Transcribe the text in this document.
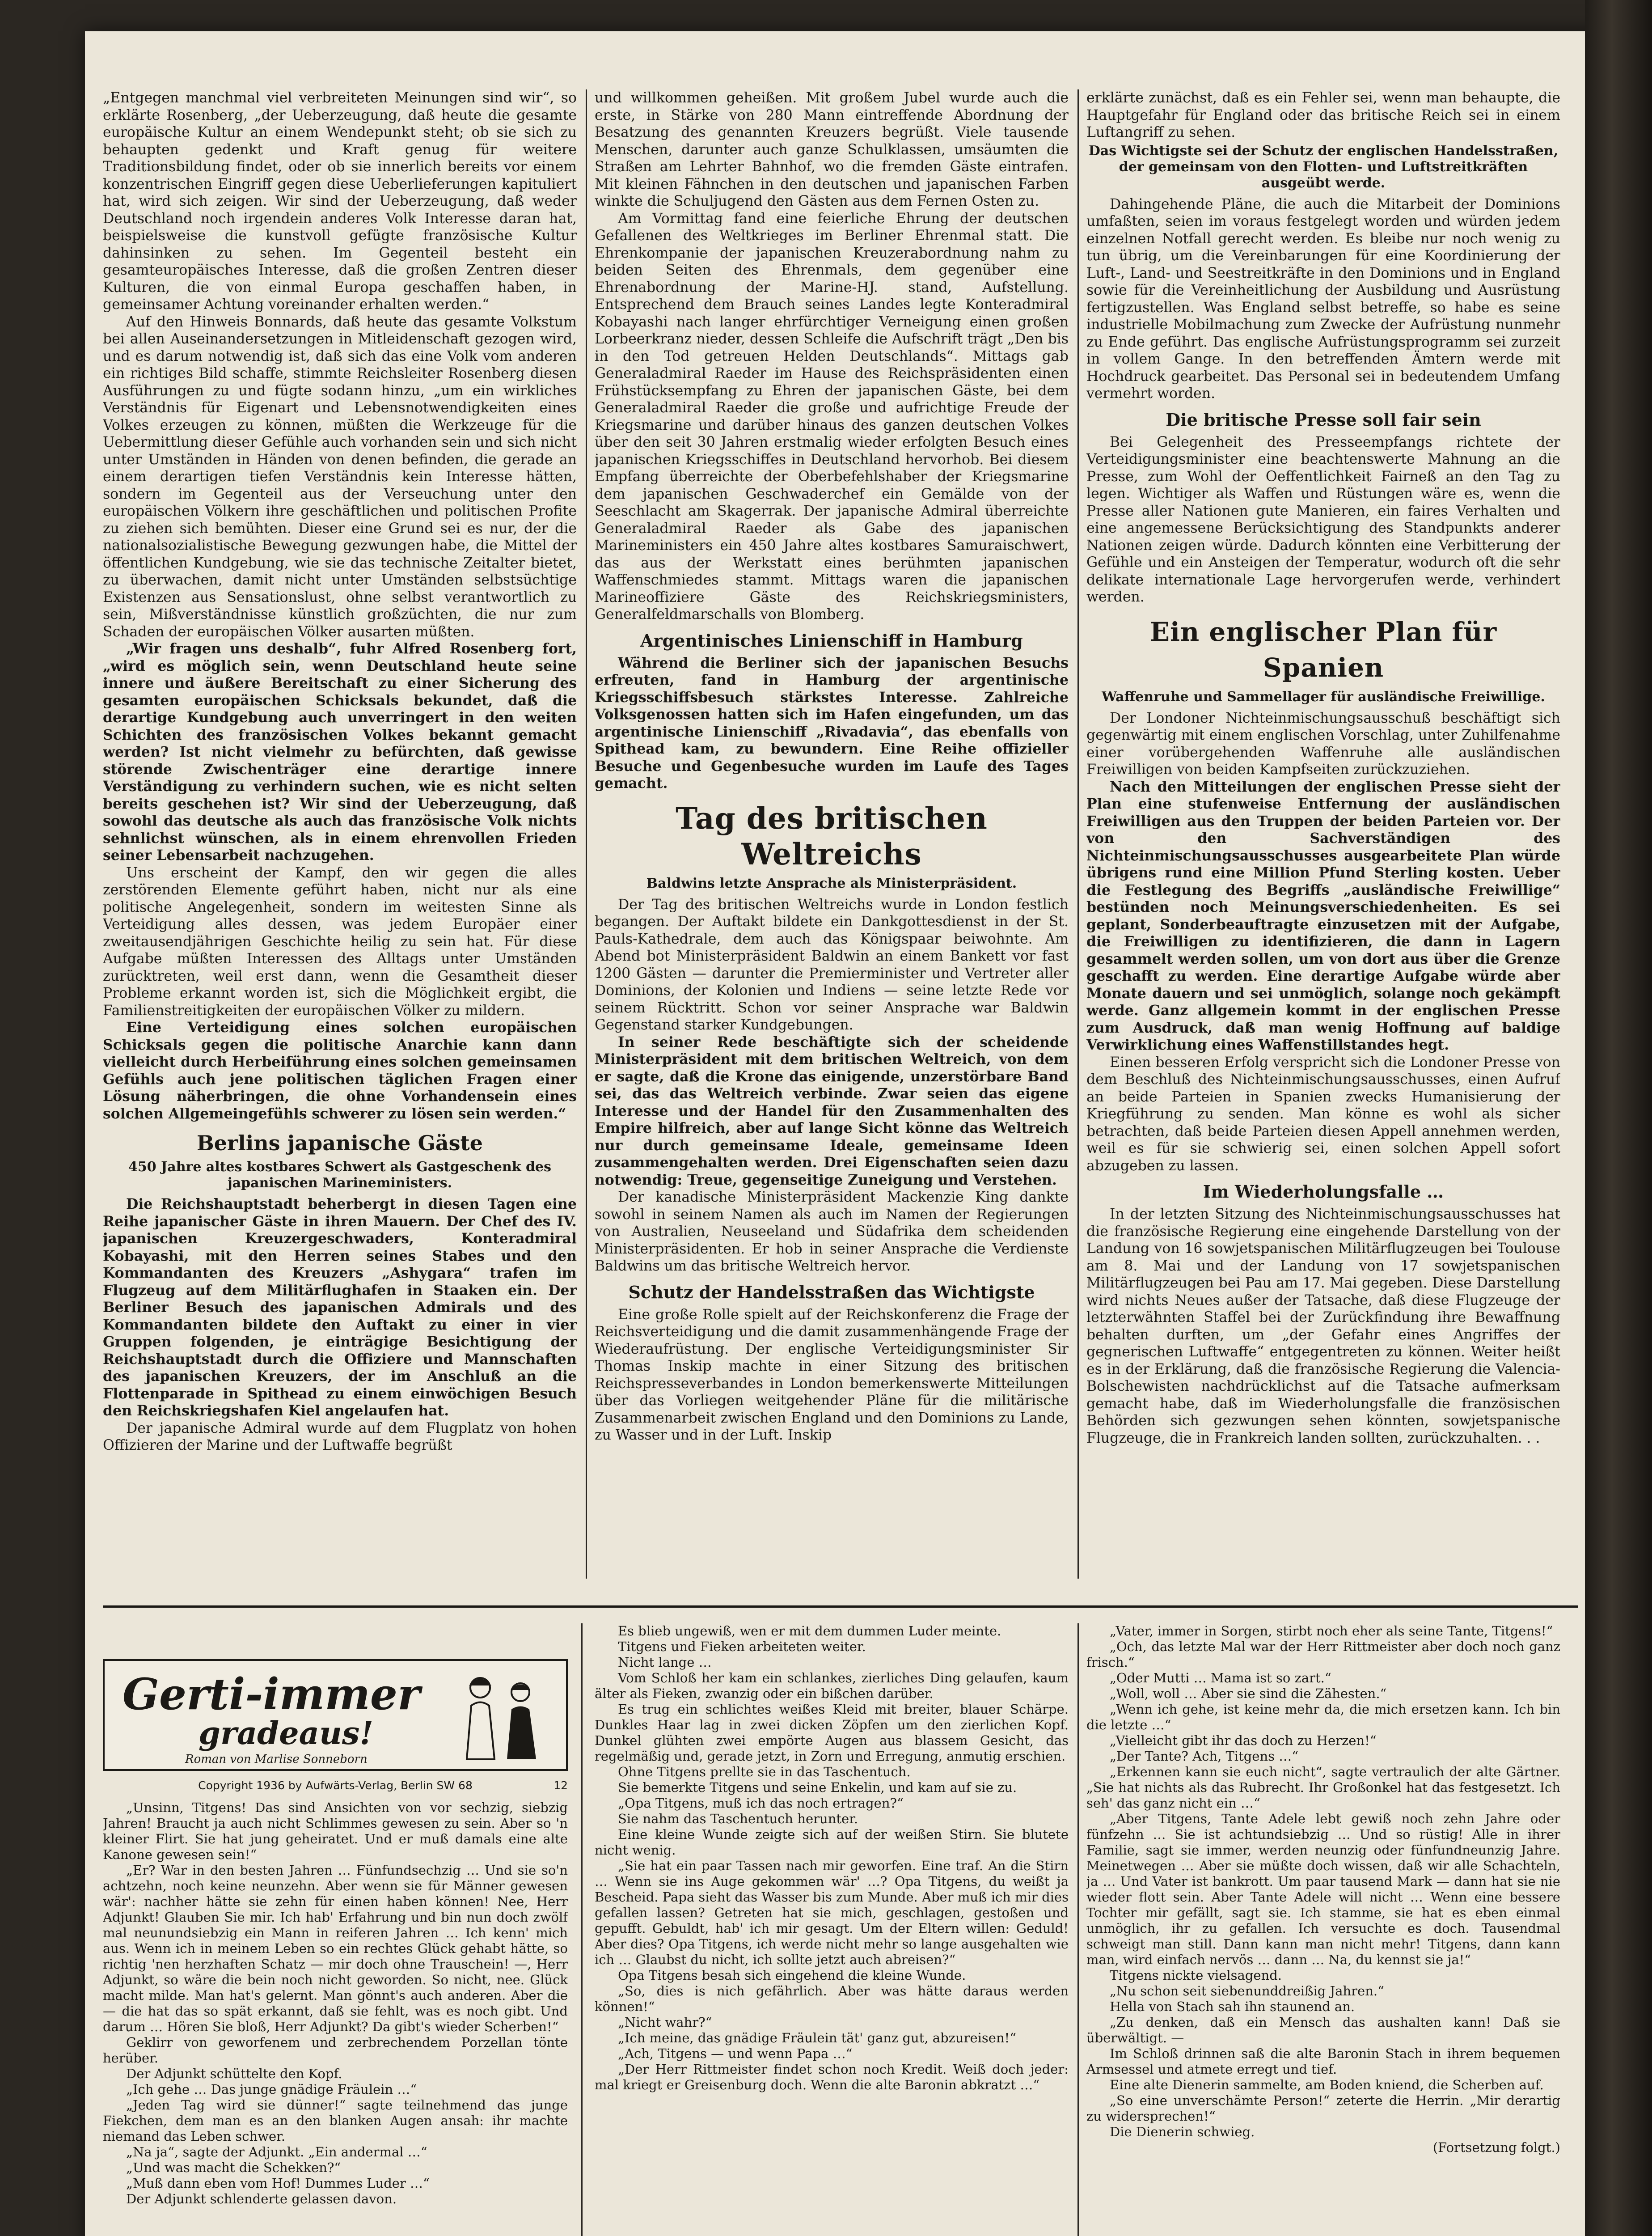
„Entgegen manchmal viel verbreiteten Meinungen sind wir“, so erklärte Rosenberg, „der Ueberzeugung, daß heute die gesamte europäische Kultur an einem Wendepunkt steht; ob sie sich zu behaupten gedenkt und Kraft genug für weitere Traditionsbildung findet, oder ob sie innerlich bereits vor einem konzentrischen Eingriff gegen diese Ueberlieferungen kapituliert hat, wird sich zeigen. Wir sind der Ueberzeugung, daß weder Deutschland noch irgendein anderes Volk Interesse daran hat, beispielsweise die kunstvoll gefügte französische Kultur dahinsinken zu sehen. Im Gegenteil besteht ein gesamteuropäisches Interesse, daß die großen Zentren dieser Kulturen, die von einmal Europa geschaffen haben, in gemeinsamer Achtung voreinander erhalten werden.“

Auf den Hinweis Bonnards, daß heute das gesamte Volkstum bei allen Auseinandersetzungen in Mitleidenschaft gezogen wird, und es darum notwendig ist, daß sich das eine Volk vom anderen ein richtiges Bild schaffe, stimmte Reichsleiter Rosenberg diesen Ausführungen zu und fügte sodann hinzu, „um ein wirkliches Verständnis für Eigenart und Lebensnotwendigkeiten eines Volkes erzeugen zu können, müßten die Werkzeuge für die Uebermittlung dieser Gefühle auch vorhanden sein und sich nicht unter Umständen in Händen von denen befinden, die gerade an einem derartigen tiefen Verständnis kein Interesse hätten, sondern im Gegenteil aus der Verseuchung unter den europäischen Völkern ihre geschäftlichen und politischen Profite zu ziehen sich bemühten. Dieser eine Grund sei es nur, der die nationalsozialistische Bewegung gezwungen habe, die Mittel der öffentlichen Kundgebung, wie sie das technische Zeitalter bietet, zu überwachen, damit nicht unter Umständen selbstsüchtige Existenzen aus Sensationslust, ohne selbst verantwortlich zu sein, Mißverständnisse künstlich großzüchten, die nur zum Schaden der europäischen Völker ausarten müßten.

„Wir fragen uns deshalb“, fuhr Alfred Rosenberg fort, „wird es möglich sein, wenn Deutschland heute seine innere und äußere Bereitschaft zu einer Sicherung des gesamten europäischen Schicksals bekundet, daß die derartige Kundgebung auch unverringert in den weiten Schichten des französischen Volkes bekannt gemacht werden? Ist nicht vielmehr zu befürchten, daß gewisse störende Zwischenträger eine derartige innere Verständigung zu verhindern suchen, wie es nicht selten bereits geschehen ist? Wir sind der Ueberzeugung, daß sowohl das deutsche als auch das französische Volk nichts sehnlichst wünschen, als in einem ehrenvollen Frieden seiner Lebensarbeit nachzugehen.

Uns erscheint der Kampf, den wir gegen die alles zerstörenden Elemente geführt haben, nicht nur als eine politische Angelegenheit, sondern im weitesten Sinne als Verteidigung alles dessen, was jedem Europäer einer zweitausendjährigen Geschichte heilig zu sein hat. Für diese Aufgabe müßten Interessen des Alltags unter Umständen zurücktreten, weil erst dann, wenn die Gesamtheit dieser Probleme erkannt worden ist, sich die Möglichkeit ergibt, die Familienstreitigkeiten der europäischen Völker zu mildern.

Eine Verteidigung eines solchen europäischen Schicksals gegen die politische Anarchie kann dann vielleicht durch Herbeiführung eines solchen gemeinsamen Gefühls auch jene politischen täglichen Fragen einer Lösung näherbringen, die ohne Vorhandensein eines solchen Allgemeingefühls schwerer zu lösen sein werden.“

Berlins japanische Gäste

450 Jahre altes kostbares Schwert als Gastgeschenk des japanischen Marineministers.

Die Reichshauptstadt beherbergt in diesen Tagen eine Reihe japanischer Gäste in ihren Mauern. Der Chef des IV. japanischen Kreuzergeschwaders, Konteradmiral Kobayashi, mit den Herren seines Stabes und den Kommandanten des Kreuzers „Ashygara“ trafen im Flugzeug auf dem Militärflughafen in Staaken ein. Der Berliner Besuch des japanischen Admirals und des Kommandanten bildete den Auftakt zu einer in vier Gruppen folgenden, je einträgige Besichtigung der Reichshauptstadt durch die Offiziere und Mannschaften des japanischen Kreuzers, der im Anschluß an die Flottenparade in Spithead zu einem einwöchigen Besuch den Reichskriegshafen Kiel angelaufen hat.

Der japanische Admiral wurde auf dem Flugplatz von hohen Offizieren der Marine und der Luftwaffe begrüßt

und willkommen geheißen. Mit großem Jubel wurde auch die erste, in Stärke von 280 Mann eintreffende Abordnung der Besatzung des genannten Kreuzers begrüßt. Viele tausende Menschen, darunter auch ganze Schulklassen, umsäumten die Straßen am Lehrter Bahnhof, wo die fremden Gäste eintrafen. Mit kleinen Fähnchen in den deutschen und japanischen Farben winkte die Schuljugend den Gästen aus dem Fernen Osten zu.

Am Vormittag fand eine feierliche Ehrung der deutschen Gefallenen des Weltkrieges im Berliner Ehrenmal statt. Die Ehrenkompanie der japanischen Kreuzerabordnung nahm zu beiden Seiten des Ehrenmals, dem gegenüber eine Ehrenabordnung der Marine-HJ. stand, Aufstellung. Entsprechend dem Brauch seines Landes legte Konteradmiral Kobayashi nach langer ehrfürchtiger Verneigung einen großen Lorbeerkranz nieder, dessen Schleife die Aufschrift trägt „Den bis in den Tod getreuen Helden Deutschlands“. Mittags gab Generaladmiral Raeder im Hause des Reichspräsidenten einen Frühstücksempfang zu Ehren der japanischen Gäste, bei dem Generaladmiral Raeder die große und aufrichtige Freude der Kriegsmarine und darüber hinaus des ganzen deutschen Volkes über den seit 30 Jahren erstmalig wieder erfolgten Besuch eines japanischen Kriegsschiffes in Deutschland hervorhob. Bei diesem Empfang überreichte der Oberbefehlshaber der Kriegsmarine dem japanischen Geschwaderchef ein Gemälde von der Seeschlacht am Skagerrak. Der japanische Admiral überreichte Generaladmiral Raeder als Gabe des japanischen Marineministers ein 450 Jahre altes kostbares Samuraischwert, das aus der Werkstatt eines berühmten japanischen Waffenschmiedes stammt. Mittags waren die japanischen Marineoffiziere Gäste des Reichskriegsministers, Generalfeldmarschalls von Blomberg.

Argentinisches Linienschiff in Hamburg

Während die Berliner sich der japanischen Besuchs erfreuten, fand in Hamburg der argentinische Kriegsschiffsbesuch stärkstes Interesse. Zahlreiche Volksgenossen hatten sich im Hafen eingefunden, um das argentinische Linienschiff „Rivadavia“, das ebenfalls von Spithead kam, zu bewundern. Eine Reihe offizieller Besuche und Gegenbesuche wurden im Laufe des Tages gemacht.

Tag des britischen Weltreichs

Baldwins letzte Ansprache als Ministerpräsident.

Der Tag des britischen Weltreichs wurde in London festlich begangen. Der Auftakt bildete ein Dankgottesdienst in der St. Pauls-Kathedrale, dem auch das Königspaar beiwohnte. Am Abend bot Ministerpräsident Baldwin an einem Bankett vor fast 1200 Gästen — darunter die Premierminister und Vertreter aller Dominions, der Kolonien und Indiens — seine letzte Rede vor seinem Rücktritt. Schon vor seiner Ansprache war Baldwin Gegenstand starker Kundgebungen.

In seiner Rede beschäftigte sich der scheidende Ministerpräsident mit dem britischen Weltreich, von dem er sagte, daß die Krone das einigende, unzerstörbare Band sei, das das Weltreich verbinde. Zwar seien das eigene Interesse und der Handel für den Zusammenhalten des Empire hilfreich, aber auf lange Sicht könne das Weltreich nur durch gemeinsame Ideale, gemeinsame Ideen zusammengehalten werden. Drei Eigenschaften seien dazu notwendig: Treue, gegenseitige Zuneigung und Verstehen.

Der kanadische Ministerpräsident Mackenzie King dankte sowohl in seinem Namen als auch im Namen der Regierungen von Australien, Neuseeland und Südafrika dem scheidenden Ministerpräsidenten. Er hob in seiner Ansprache die Verdienste Baldwins um das britische Weltreich hervor.

Schutz der Handelsstraßen das Wichtigste

Eine große Rolle spielt auf der Reichskonferenz die Frage der Reichsverteidigung und die damit zusammenhängende Frage der Wiederaufrüstung. Der englische Verteidigungsminister Sir Thomas Inskip machte in einer Sitzung des britischen Reichspresseverbandes in London bemerkenswerte Mitteilungen über das Vorliegen weitgehender Pläne für die militärische Zusammenarbeit zwischen England und den Dominions zu Lande, zu Wasser und in der Luft. Inskip

erklärte zunächst, daß es ein Fehler sei, wenn man behaupte, die Hauptgefahr für England oder das britische Reich sei in einem Luftangriff zu sehen.

Das Wichtigste sei der Schutz der englischen Handelsstraßen, der gemeinsam von den Flotten- und Luftstreitkräften ausgeübt werde.

Dahingehende Pläne, die auch die Mitarbeit der Dominions umfaßten, seien im voraus festgelegt worden und würden jedem einzelnen Notfall gerecht werden. Es bleibe nur noch wenig zu tun übrig, um die Vereinbarungen für eine Koordinierung der Luft-, Land- und Seestreitkräfte in den Dominions und in England sowie für die Vereinheitlichung der Ausbildung und Ausrüstung fertigzustellen. Was England selbst betreffe, so habe es seine industrielle Mobilmachung zum Zwecke der Aufrüstung nunmehr zu Ende geführt. Das englische Aufrüstungsprogramm sei zurzeit in vollem Gange. In den betreffenden Ämtern werde mit Hochdruck gearbeitet. Das Personal sei in bedeutendem Umfang vermehrt worden.

Die britische Presse soll fair sein

Bei Gelegenheit des Presseempfangs richtete der Verteidigungsminister eine beachtenswerte Mahnung an die Presse, zum Wohl der Oeffentlichkeit Fairneß an den Tag zu legen. Wichtiger als Waffen und Rüstungen wäre es, wenn die Presse aller Nationen gute Manieren, ein faires Verhalten und eine angemessene Berücksichtigung des Standpunkts anderer Nationen zeigen würde. Dadurch könnten eine Verbitterung der Gefühle und ein Ansteigen der Temperatur, wodurch oft die sehr delikate internationale Lage hervorgerufen werde, verhindert werden.

Ein englischer Plan für Spanien

Waffenruhe und Sammellager für ausländische Freiwillige.

Der Londoner Nichteinmischungsausschuß beschäftigt sich gegenwärtig mit einem englischen Vorschlag, unter Zuhilfenahme einer vorübergehenden Waffenruhe alle ausländischen Freiwilligen von beiden Kampfseiten zurückzuziehen.

Nach den Mitteilungen der englischen Presse sieht der Plan eine stufenweise Entfernung der ausländischen Freiwilligen aus den Truppen der beiden Parteien vor. Der von den Sachverständigen des Nichteinmischungsausschusses ausgearbeitete Plan würde übrigens rund eine Million Pfund Sterling kosten. Ueber die Festlegung des Begriffs „ausländische Freiwillige“ bestünden noch Meinungsverschiedenheiten. Es sei geplant, Sonderbeauftragte einzusetzen mit der Aufgabe, die Freiwilligen zu identifizieren, die dann in Lagern gesammelt werden sollen, um von dort aus über die Grenze geschafft zu werden. Eine derartige Aufgabe würde aber Monate dauern und sei unmöglich, solange noch gekämpft werde. Ganz allgemein kommt in der englischen Presse zum Ausdruck, daß man wenig Hoffnung auf baldige Verwirklichung eines Waffenstillstandes hegt.

Einen besseren Erfolg verspricht sich die Londoner Presse von dem Beschluß des Nichteinmischungsausschusses, einen Aufruf an beide Parteien in Spanien zwecks Humanisierung der Kriegführung zu senden. Man könne es wohl als sicher betrachten, daß beide Parteien diesen Appell annehmen werden, weil es für sie schwierig sei, einen solchen Appell sofort abzugeben zu lassen.

Im Wiederholungsfalle …

In der letzten Sitzung des Nichteinmischungsausschusses hat die französische Regierung eine eingehende Darstellung von der Landung von 16 sowjetspanischen Militärflugzeugen bei Toulouse am 8. Mai und der Landung von 17 sowjetspanischen Militärflugzeugen bei Pau am 17. Mai gegeben. Diese Darstellung wird nichts Neues außer der Tatsache, daß diese Flugzeuge der letzterwähnten Staffel bei der Zurückfindung ihre Bewaffnung behalten durften, um „der Gefahr eines Angriffes der gegnerischen Luftwaffe“ entgegentreten zu können. Weiter heißt es in der Erklärung, daß die französische Regierung die Valencia-Bolschewisten nachdrücklichst auf die Tatsache aufmerksam gemacht habe, daß im Wiederholungsfalle die französischen Behörden sich gezwungen sehen könnten, sowjetspanische Flugzeuge, die in Frankreich landen sollten, zurückzuhalten. . .

Gerti-immer
gradeaus!
Roman von Marlise Sonneborn
Copyright 1936 by Aufwärts-Verlag, Berlin SW 68	12

„Unsinn, Titgens! Das sind Ansichten von vor sechzig, siebzig Jahren! Braucht ja auch nicht Schlimmes gewesen zu sein. Aber so 'n kleiner Flirt. Sie hat jung geheiratet. Und er muß damals eine alte Kanone gewesen sein!“

„Er? War in den besten Jahren … Fünfundsechzig … Und sie so'n achtzehn, noch keine neunzehn. Aber wenn sie für Männer gewesen wär': nachher hätte sie zehn für einen haben können! Nee, Herr Adjunkt! Glauben Sie mir. Ich hab' Erfahrung und bin nun doch zwölf mal neunundsiebzig ein Mann in reiferen Jahren … Ich kenn' mich aus. Wenn ich in meinem Leben so ein rechtes Glück gehabt hätte, so richtig 'nen herzhaften Schatz — mir doch ohne Trauschein! —, Herr Adjunkt, so wäre die bein noch nicht geworden. So nicht, nee. Glück macht milde. Man hat's gelernt. Man gönnt's auch anderen. Aber die — die hat das so spät erkannt, daß sie fehlt, was es noch gibt. Und darum … Hören Sie bloß, Herr Adjunkt? Da gibt's wieder Scherben!“

Geklirr von geworfenem und zerbrechendem Porzellan tönte herüber.

Der Adjunkt schüttelte den Kopf.

„Ich gehe … Das junge gnädige Fräulein …“

„Jeden Tag wird sie dünner!“ sagte teilnehmend das junge Fiekchen, dem man es an den blanken Augen ansah: ihr machte niemand das Leben schwer.

„Na ja“, sagte der Adjunkt. „Ein andermal …“

„Und was macht die Schekken?“

„Muß dann eben vom Hof! Dummes Luder …“

Der Adjunkt schlenderte gelassen davon.

Es blieb ungewiß, wen er mit dem dummen Luder meinte.

Titgens und Fieken arbeiteten weiter.

Nicht lange …

Vom Schloß her kam ein schlankes, zierliches Ding gelaufen, kaum älter als Fieken, zwanzig oder ein bißchen darüber.

Es trug ein schlichtes weißes Kleid mit breiter, blauer Schärpe. Dunkles Haar lag in zwei dicken Zöpfen um den zierlichen Kopf. Dunkel glühten zwei empörte Augen aus blassem Gesicht, das regelmäßig und, gerade jetzt, in Zorn und Erregung, anmutig erschien.

Ohne Titgens prellte sie in das Taschentuch.

Sie bemerkte Titgens und seine Enkelin, und kam auf sie zu.

„Opa Titgens, muß ich das noch ertragen?“

Sie nahm das Taschentuch herunter.

Eine kleine Wunde zeigte sich auf der weißen Stirn. Sie blutete nicht wenig.

„Sie hat ein paar Tassen nach mir geworfen. Eine traf. An die Stirn … Wenn sie ins Auge gekommen wär' …? Opa Titgens, du weißt ja Bescheid. Papa sieht das Wasser bis zum Munde. Aber muß ich mir dies gefallen lassen? Getreten hat sie mich, geschlagen, gestoßen und gepufft. Gebuldt, hab' ich mir gesagt. Um der Eltern willen: Geduld! Aber dies? Opa Titgens, ich werde nicht mehr so lange ausgehalten wie ich … Glaubst du nicht, ich sollte jetzt auch abreisen?“

Opa Titgens besah sich eingehend die kleine Wunde.

„So, dies is nich gefährlich. Aber was hätte daraus werden können!“

„Nicht wahr?“

„Ich meine, das gnädige Fräulein tät' ganz gut, abzureisen!“

„Ach, Titgens — und wenn Papa …“

„Der Herr Rittmeister findet schon noch Kredit. Weiß doch jeder: mal kriegt er Greisenburg doch. Wenn die alte Baronin abkratzt …“

„Vater, immer in Sorgen, stirbt noch eher als seine Tante, Titgens!“

„Och, das letzte Mal war der Herr Rittmeister aber doch noch ganz frisch.“

„Oder Mutti … Mama ist so zart.“

„Woll, woll … Aber sie sind die Zähesten.“

„Wenn ich gehe, ist keine mehr da, die mich ersetzen kann. Ich bin die letzte …“

„Vielleicht gibt ihr das doch zu Herzen!“

„Der Tante? Ach, Titgens …“

„Erkennen kann sie euch nicht“, sagte vertraulich der alte Gärtner. „Sie hat nichts als das Rubrecht. Ihr Großonkel hat das festgesetzt. Ich seh' das ganz nicht ein …“

„Aber Titgens, Tante Adele lebt gewiß noch zehn Jahre oder fünfzehn … Sie ist achtundsiebzig … Und so rüstig! Alle in ihrer Familie, sagt sie immer, werden neunzig oder fünfundneunzig Jahre. Meinetwegen … Aber sie müßte doch wissen, daß wir alle Schachteln, ja … Und Vater ist bankrott. Um paar tausend Mark — dann hat sie nie wieder flott sein. Aber Tante Adele will nicht … Wenn eine bessere Tochter mir gefällt, sagt sie. Ich stamme, sie hat es eben einmal unmöglich, ihr zu gefallen. Ich versuchte es doch. Tausendmal schweigt man still. Dann kann man nicht mehr! Titgens, dann kann man, wird einfach nervös … dann … Na, du kennst sie ja!“

Titgens nickte vielsagend.

„Nu schon seit siebenunddreißig Jahren.“

Hella von Stach sah ihn staunend an.

„Zu denken, daß ein Mensch das aushalten kann! Daß sie überwältigt. —

Im Schloß drinnen saß die alte Baronin Stach in ihrem bequemen Armsessel und atmete erregt und tief.

Eine alte Dienerin sammelte, am Boden kniend, die Scherben auf.

„So eine unverschämte Person!“ zeterte die Herrin. „Mir derartig zu widersprechen!“

Die Dienerin schwieg.

(Fortsetzung folgt.)
